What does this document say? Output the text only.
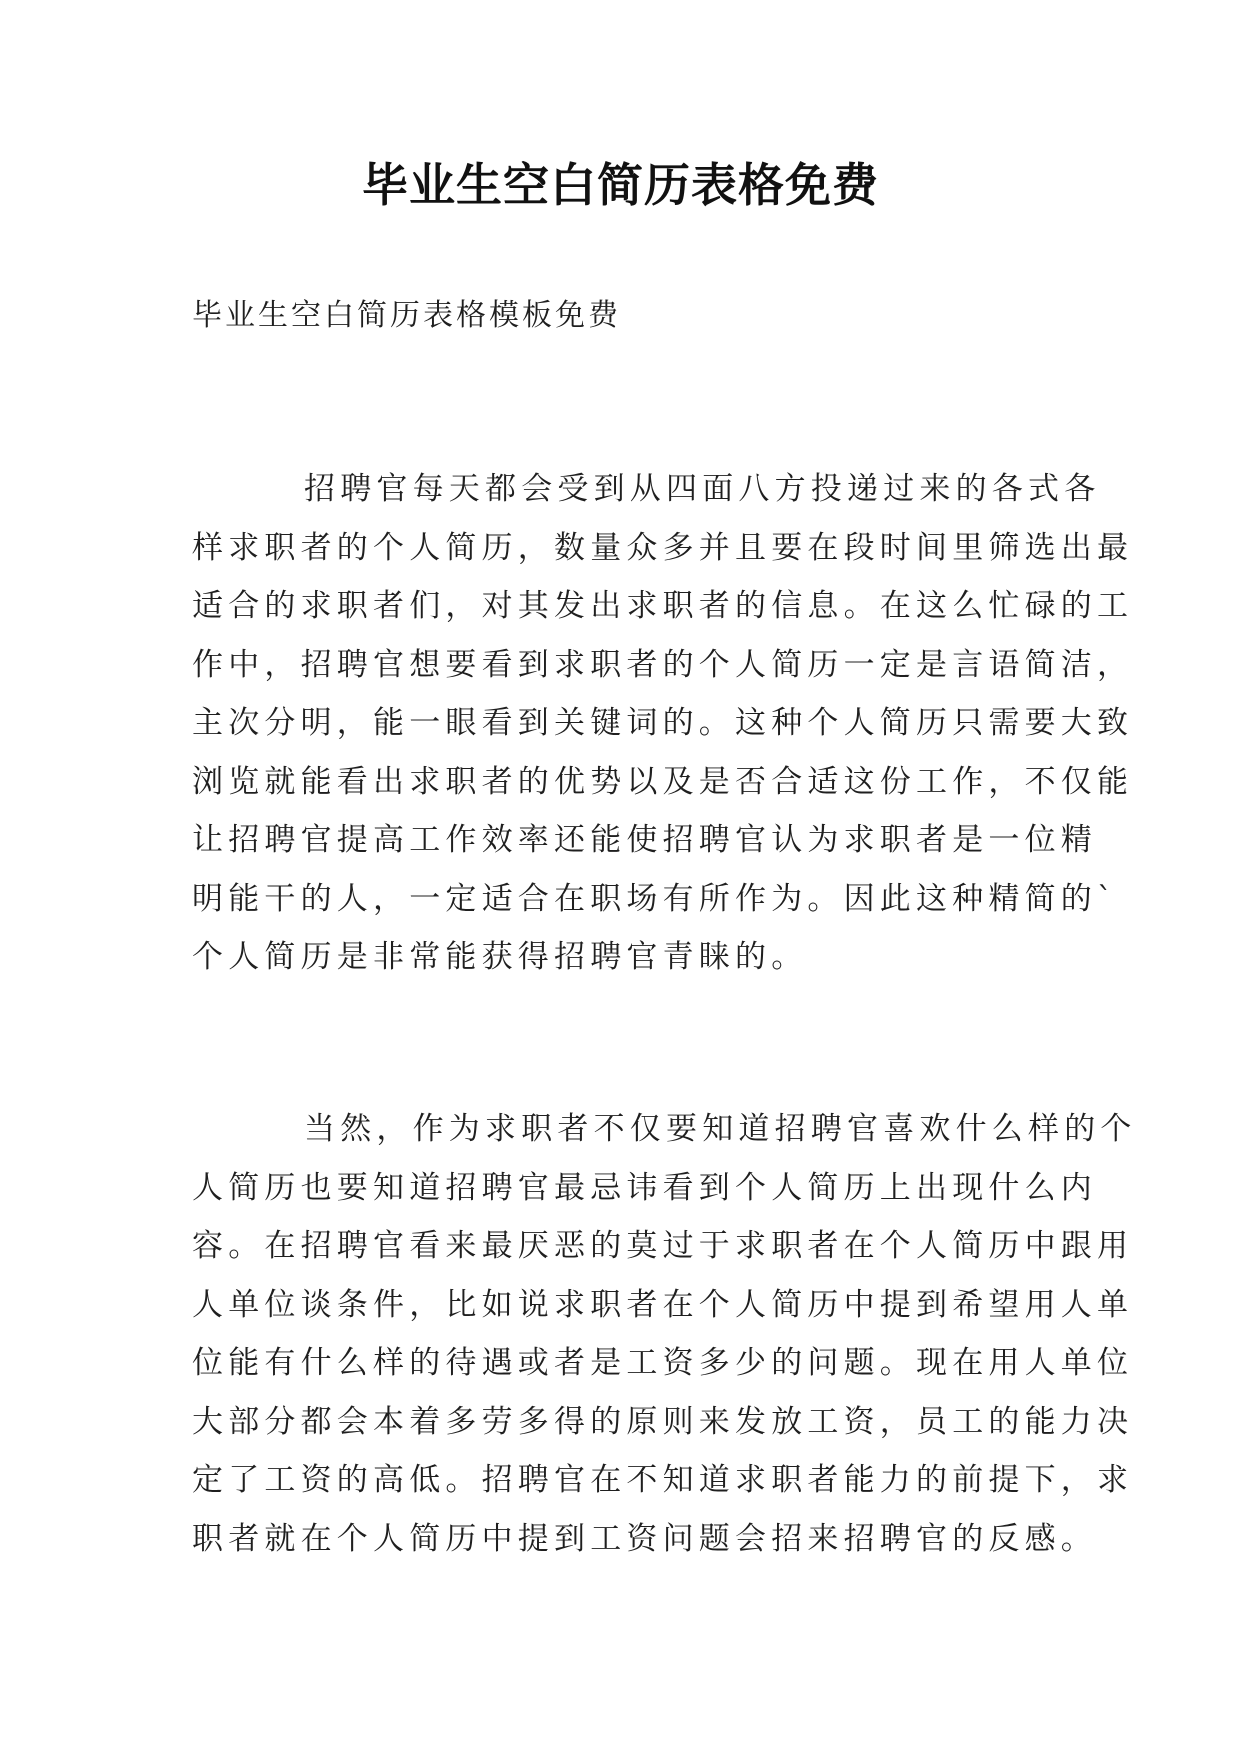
毕业生空白简历表格免费

毕业生空白简历表格模板免费

招聘官每天都会受到从四面八方投递过来的各式各
样求职者的个人简历，数量众多并且要在段时间里筛选出最
适合的求职者们，对其发出求职者的信息。在这么忙碌的工
作中，招聘官想要看到求职者的个人简历一定是言语简洁，
主次分明，能一眼看到关键词的。这种个人简历只需要大致
浏览就能看出求职者的优势以及是否合适这份工作，不仅能
让招聘官提高工作效率还能使招聘官认为求职者是一位精
明能干的人，一定适合在职场有所作为。因此这种精简的`
个人简历是非常能获得招聘官青睐的。
当然，作为求职者不仅要知道招聘官喜欢什么样的个
人简历也要知道招聘官最忌讳看到个人简历上出现什么内
容。在招聘官看来最厌恶的莫过于求职者在个人简历中跟用
人单位谈条件，比如说求职者在个人简历中提到希望用人单
位能有什么样的待遇或者是工资多少的问题。现在用人单位
大部分都会本着多劳多得的原则来发放工资，员工的能力决
定了工资的高低。招聘官在不知道求职者能力的前提下，求
职者就在个人简历中提到工资问题会招来招聘官的反感。
